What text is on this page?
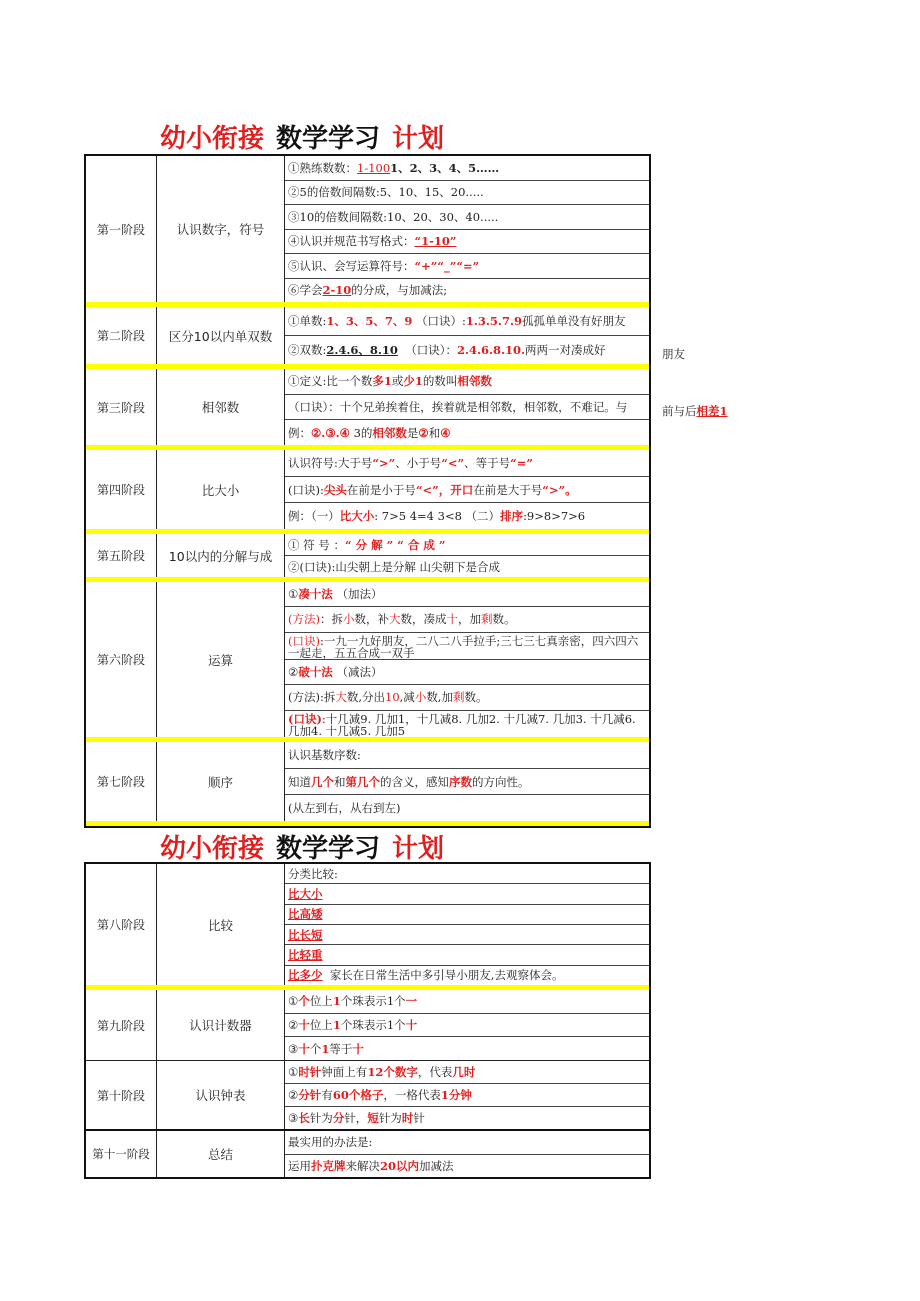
幼小衔接 数学学习 计划
第一阶段	认识数字，符号
①熟练数数： 1-100 1、2、3、4、5……
②5的倍数间隔数:5、10、15、20.....
③10的倍数间隔数:10、20、30、40.....
④认识并规范书写格式： “1-10”
⑤认识、会写运算符号： “+”“_”“=”
⑥学会 2-10 的分成，与加减法;
第二阶段	区分10以内单双数
①单数: 1、3、5、7、9
（口诀）: 1.3.5.7.9 孤孤单单没有好朋友
②双数: 2.4.6、8.10
（口诀）： 2.4.6.8.10. 两两一对凑成好
第三阶段	相邻数
①定义:比一个数 多1 或 少1 的数叫 相邻数
（口诀）：十个兄弟挨着住，挨着就是相邻数，相邻数，不难记。与
例： ②.③.④
3的 相邻数 是 ② 和 ④
第四阶段	比大小
认识符号:大于号 “>” 、小于号 “<” 、等于号 “=”
(口诀): 尖头 在前是小于号 “<”， 开口 在前是大于号 “>”。
例：（一） 比大小 : 7>5 4=4 3<8 （二） 排序 :9>8>7>6
第五阶段	10以内的分解与成
① 符 号 ： “ 分 解 ” “ 合 成 ”
②(口诀):山尖朝上是分解 山尖朝下是合成
第六阶段	运算
① 凑十法
（加法）
(方法) ：拆 小 数，补 大 数，凑成 十 ，加 剩 数。
(口诀):一九一九好朋友，二八二八手拉手;三七三七真亲密，四六四六一起走，五五合成一双手
② 破十法
（减法）
(方法):拆 大 数,分出 10 ,减 小 数,加 剩 数。
(口诀):十几减9. 几加1，十几减8. 几加2. 十几减7. 几加3. 十几减6. 几加4. 十几减5. 几加5
第七阶段	顺序
认识基数序数:
知道 几个 和 第几个 的含义，感知 序数 的方向性。
(从左到右，从右到左)
朋友
前与后相差1
幼小衔接 数学学习 计划
第八阶段	比较
分类比较:
比大小
比高矮
比长短
比轻重
比多少
家长在日常生活中多引导小朋友,去观察体会。
第九阶段	认识计数器
① 个 位上 1 个珠表示1个 一
② 十 位上 1 个珠表示1个 十
③ 十 个 1 等于 十
第十阶段	认识钟表
① 时针 钟面上有 12个数字 ，代表 几时
② 分针 有 60个格子 ，一格代表 1分钟
③ 长 针为 分 针， 短 针为 时 针
第十一阶段	总结
最实用的办法是:
运用 扑克牌 来解决 20以内 加减法
